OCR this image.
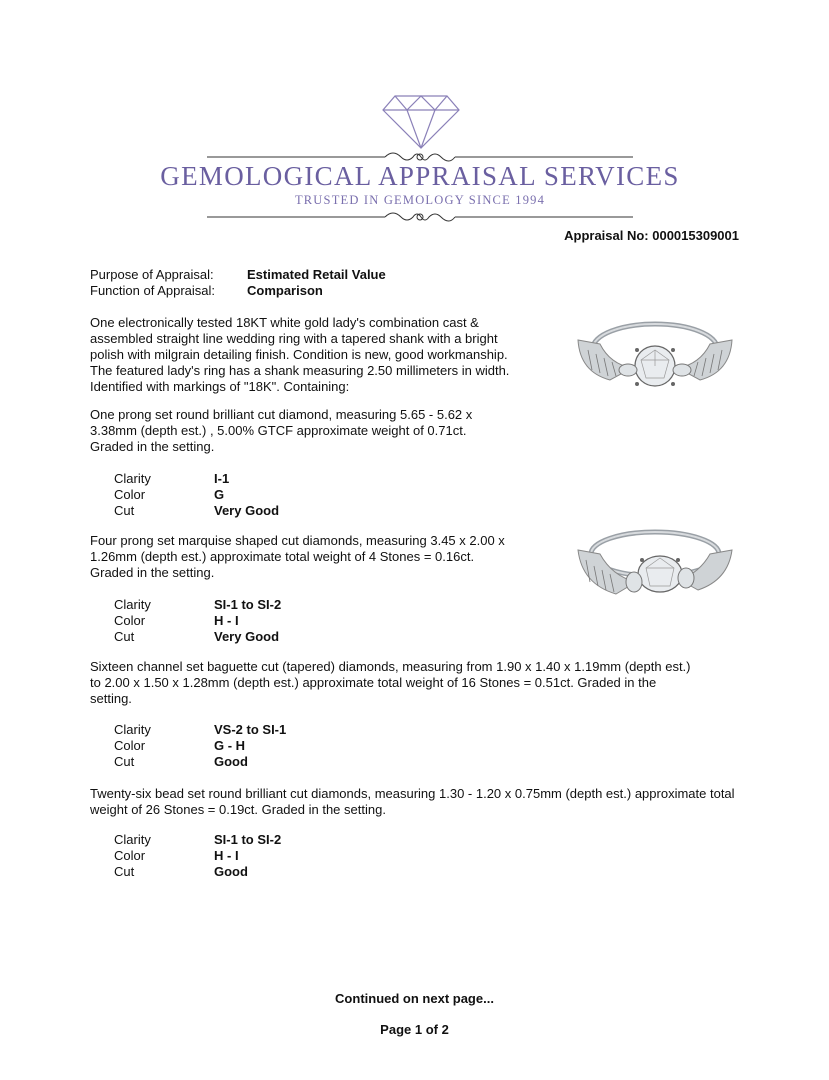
GEMOLOGICAL APPRAISAL SERVICES
TRUSTED IN GEMOLOGY SINCE 1994
Appraisal No: 000015309001
Purpose of Appraisal:	Estimated Retail Value
Function of Appraisal: Comparison
One electronically tested 18KT white gold lady's combination cast & assembled straight line wedding ring with a tapered shank with a bright polish with milgrain detailing finish. Condition is new, good workmanship. The featured lady's ring has a shank measuring 2.50 millimeters in width. Identified with markings of "18K". Containing:
One prong set round brilliant cut diamond, measuring 5.65 - 5.62 x 3.38mm (depth est.) , 5.00% GTCF approximate weight of 0.71ct. Graded in the setting.
Clarity	I-1
Color	G
Cut	Very Good
Four prong set marquise shaped cut diamonds, measuring 3.45 x 2.00 x 1.26mm (depth est.) approximate total weight of 4 Stones = 0.16ct. Graded in the setting.
Clarity	SI-1 to SI-2
Color	H - I
Cut	Very Good
Sixteen channel set baguette cut (tapered) diamonds, measuring from 1.90 x 1.40 x 1.19mm (depth est.) to 2.00 x 1.50 x 1.28mm (depth est.) approximate total weight of 16 Stones = 0.51ct. Graded in the setting.
Clarity	VS-2 to SI-1
Color	G - H
Cut	Good
Twenty-six bead set round brilliant cut diamonds, measuring 1.30 - 1.20 x 0.75mm (depth est.) approximate total weight of 26 Stones = 0.19ct. Graded in the setting.
Clarity	SI-1 to SI-2
Color	H - I
Cut	Good
Continued on next page...
Page 1 of 2
